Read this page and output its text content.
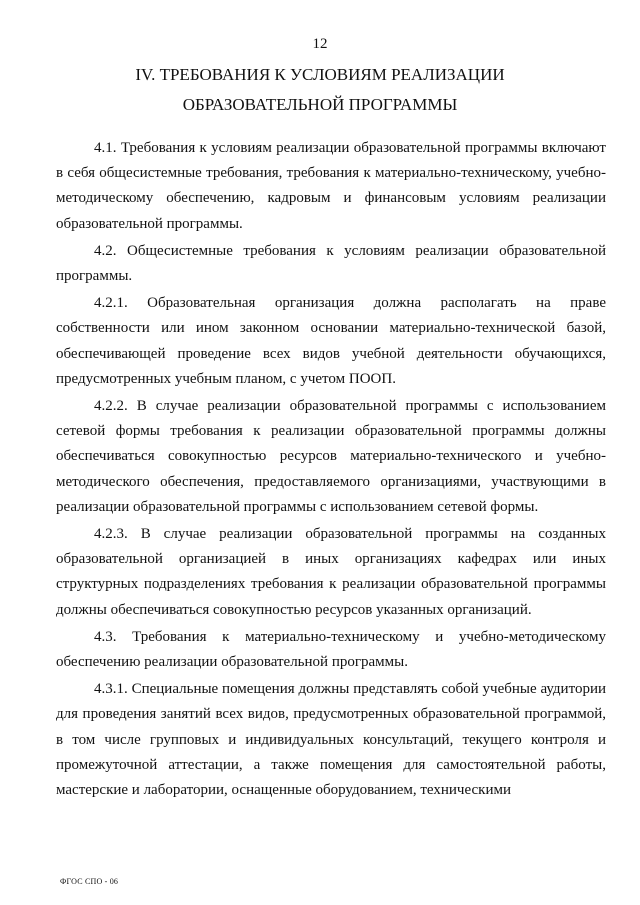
12
IV. ТРЕБОВАНИЯ К УСЛОВИЯМ РЕАЛИЗАЦИИ
ОБРАЗОВАТЕЛЬНОЙ ПРОГРАММЫ

4.1. Требования к условиям реализации образовательной программы включают в себя общесистемные требования, требования к материально-техническому, учебно-методическому обеспечению, кадровым и финансовым условиям реализации образовательной программы.

4.2. Общесистемные требования к условиям реализации образовательной программы.

4.2.1. Образовательная организация должна располагать на праве собственности или ином законном основании материально-технической базой, обеспечивающей проведение всех видов учебной деятельности обучающихся, предусмотренных учебным планом, с учетом ПООП.

4.2.2. В случае реализации образовательной программы с использованием сетевой формы требования к реализации образовательной программы должны обеспечиваться совокупностью ресурсов материально-технического и учебно-методического обеспечения, предоставляемого организациями, участвующими в реализации образовательной программы с использованием сетевой формы.

4.2.3. В случае реализации образовательной программы на созданных образовательной организацией в иных организациях кафедрах или иных структурных подразделениях требования к реализации образовательной программы должны обеспечиваться совокупностью ресурсов указанных организаций.

4.3. Требования к материально-техническому и учебно-методическому обеспечению реализации образовательной программы.

4.3.1. Специальные помещения должны представлять собой учебные аудитории для проведения занятий всех видов, предусмотренных образовательной программой, в том числе групповых и индивидуальных консультаций, текущего контроля и промежуточной аттестации, а также помещения для самостоятельной работы, мастерские и лаборатории, оснащенные оборудованием, техническими

ФГОС СПО - 06
